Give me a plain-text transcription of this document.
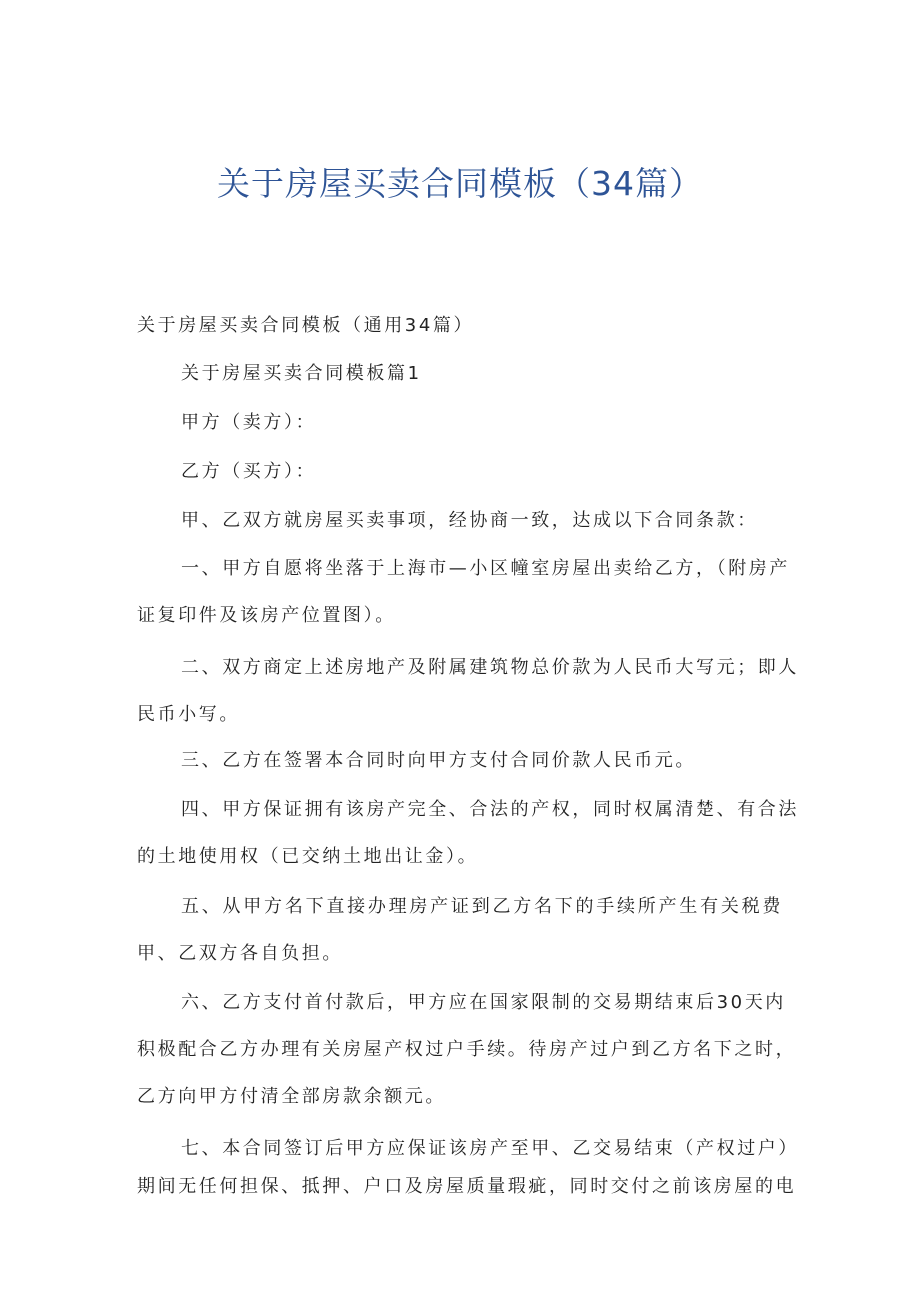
关于房屋买卖合同模板（34篇）
关于房屋买卖合同模板（通用34篇）
关于房屋买卖合同模板篇1
甲方（卖方）：
乙方（买方）：
甲、乙双方就房屋买卖事项，经协商一致，达成以下合同条款：
一、甲方自愿将坐落于上海市—小区幢室房屋出卖给乙方，（附房产
证复印件及该房产位置图）。
二、双方商定上述房地产及附属建筑物总价款为人民币大写元；即人
民币小写。
三、乙方在签署本合同时向甲方支付合同价款人民币元。
四、甲方保证拥有该房产完全、合法的产权，同时权属清楚、有合法
的土地使用权（已交纳土地出让金）。
五、从甲方名下直接办理房产证到乙方名下的手续所产生有关税费
甲、乙双方各自负担。
六、乙方支付首付款后，甲方应在国家限制的交易期结束后30天内
积极配合乙方办理有关房屋产权过户手续。待房产过户到乙方名下之时，
乙方向甲方付清全部房款余额元。
七、本合同签订后甲方应保证该房产至甲、乙交易结束（产权过户）
期间无任何担保、抵押、户口及房屋质量瑕疵，同时交付之前该房屋的电
